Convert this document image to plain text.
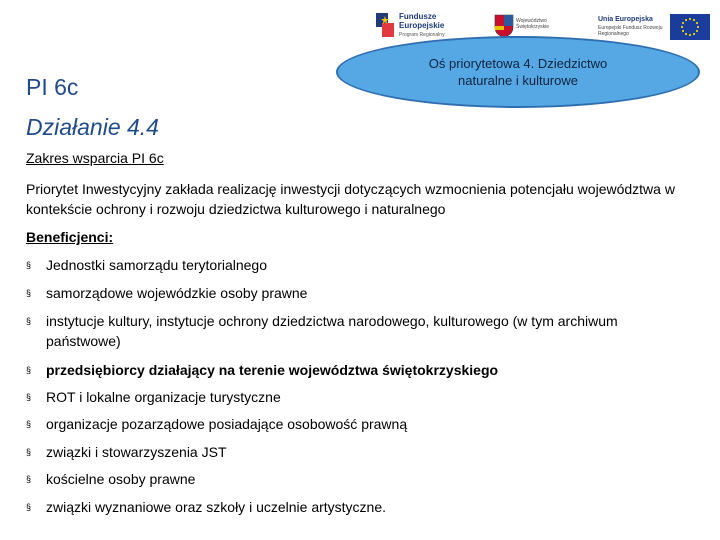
Fundusze
Europejskie
Program Regionalny
Województwo Świętokrzyskie
Unia Europejska
Europejski Fundusz Rozwoju Regionalnego
PI 6c
Działanie 4.4
Oś priorytetowa 4. Dziedzictwo naturalne i kulturowe
Zakres wsparcia PI 6c
Priorytet Inwestycyjny zakłada realizację inwestycji dotyczących wzmocnienia potencjału województwa w kontekście ochrony i rozwoju dziedzictwa kulturowego i naturalnego
Beneficjenci:
§ Jednostki samorządu terytorialnego
§ samorządowe wojewódzkie osoby prawne
§ instytucje kultury, instytucje ochrony dziedzictwa narodowego, kulturowego (w tym archiwum państwowe)
§ przedsiębiorcy działający na terenie województwa świętokrzyskiego
§ ROT i lokalne organizacje turystyczne
§ organizacje pozarządowe posiadające osobowość prawną
§ związki i stowarzyszenia JST
§ kościelne osoby prawne
§ związki wyznaniowe oraz szkoły i uczelnie artystyczne.
